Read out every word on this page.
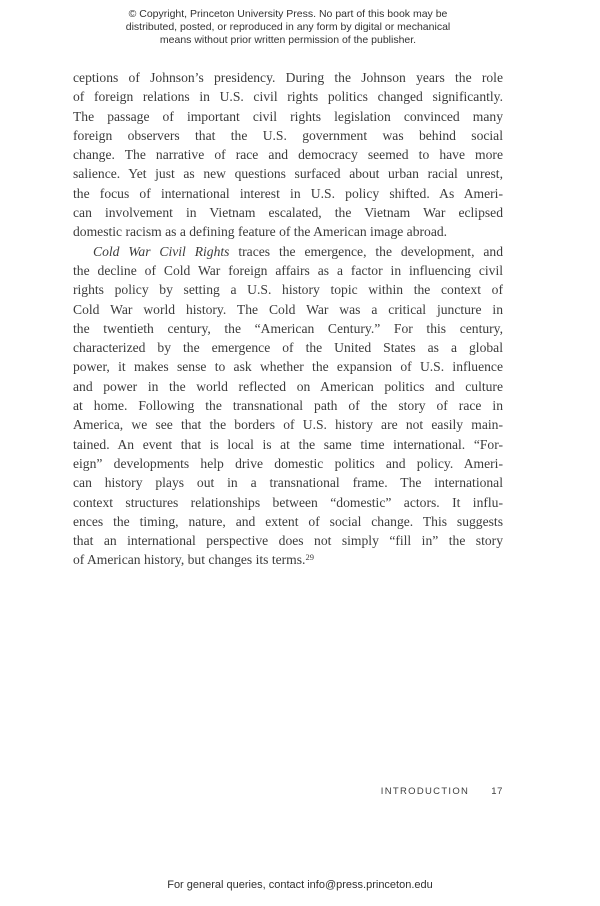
© Copyright, Princeton University Press. No part of this book may be
distributed, posted, or reproduced in any form by digital or mechanical
means without prior written permission of the publisher.
ceptions of Johnson’s presidency. During the Johnson years the role
of foreign relations in U.S. civil rights politics changed significantly.
The passage of important civil rights legislation convinced many
foreign observers that the U.S. government was behind social
change. The narrative of race and democracy seemed to have more
salience. Yet just as new questions surfaced about urban racial unrest,
the focus of international interest in U.S. policy shifted. As Ameri-
can involvement in Vietnam escalated, the Vietnam War eclipsed
domestic racism as a defining feature of the American image abroad.
Cold War Civil Rights traces the emergence, the development, and
the decline of Cold War foreign affairs as a factor in influencing civil
rights policy by setting a U.S. history topic within the context of
Cold War world history. The Cold War was a critical juncture in
the twentieth century, the “American Century.” For this century,
characterized by the emergence of the United States as a global
power, it makes sense to ask whether the expansion of U.S. influence
and power in the world reflected on American politics and culture
at home. Following the transnational path of the story of race in
America, we see that the borders of U.S. history are not easily main-
tained. An event that is local is at the same time international. “For-
eign” developments help drive domestic politics and policy. Ameri-
can history plays out in a transnational frame. The international
context structures relationships between “domestic” actors. It influ-
ences the timing, nature, and extent of social change. This suggests
that an international perspective does not simply “fill in” the story
of American history, but changes its terms.$^{29}$
INTRODUCTION 17
For general queries, contact info@press.princeton.edu
